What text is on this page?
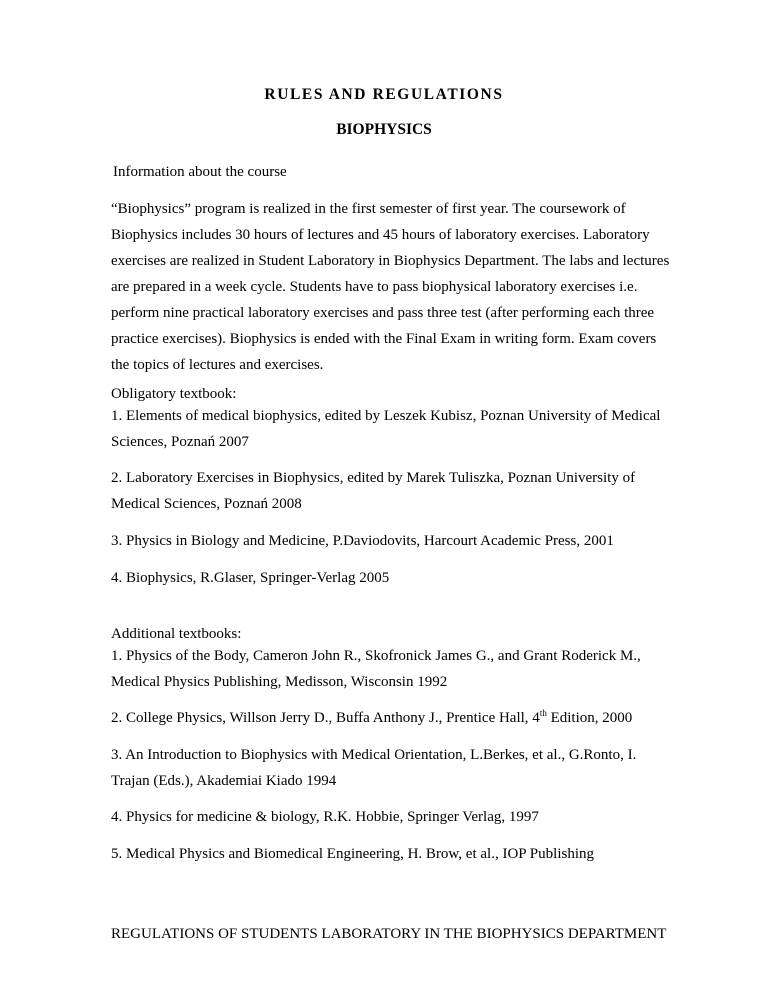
RULES AND REGULATIONS
BIOPHYSICS
Information about the course
“Biophysics” program is realized in the first semester of first year. The coursework of
Biophysics includes 30 hours of lectures and 45 hours of laboratory exercises. Laboratory
exercises are realized in Student Laboratory in Biophysics Department. The labs and lectures
are prepared in a week cycle. Students have to pass biophysical laboratory exercises i.e.
perform nine practical laboratory exercises and pass three test (after performing each three
practice exercises). Biophysics is ended with the Final Exam in writing form. Exam covers
the topics of lectures and exercises.
Obligatory textbook:
1. Elements of medical biophysics, edited by Leszek Kubisz, Poznan University of Medical
Sciences, Poznań 2007
2. Laboratory Exercises in Biophysics, edited by Marek Tuliszka, Poznan University of
Medical Sciences, Poznań 2008
3. Physics in Biology and Medicine, P.Daviodovits, Harcourt Academic Press, 2001
4. Biophysics, R.Glaser, Springer-Verlag 2005
Additional textbooks:
1. Physics of the Body, Cameron John R., Skofronick James G., and Grant Roderick M.,
Medical Physics Publishing, Medisson, Wisconsin 1992
2. College Physics, Willson Jerry D., Buffa Anthony J., Prentice Hall, 4th Edition, 2000
3. An Introduction to Biophysics with Medical Orientation, L.Berkes, et al., G.Ronto, I.
Trajan (Eds.), Akademiai Kiado 1994
4. Physics for medicine & biology, R.K. Hobbie, Springer Verlag, 1997
5. Medical Physics and Biomedical Engineering, H. Brow, et al., IOP Publishing
REGULATIONS OF STUDENTS LABORATORY IN THE BIOPHYSICS DEPARTMENT
